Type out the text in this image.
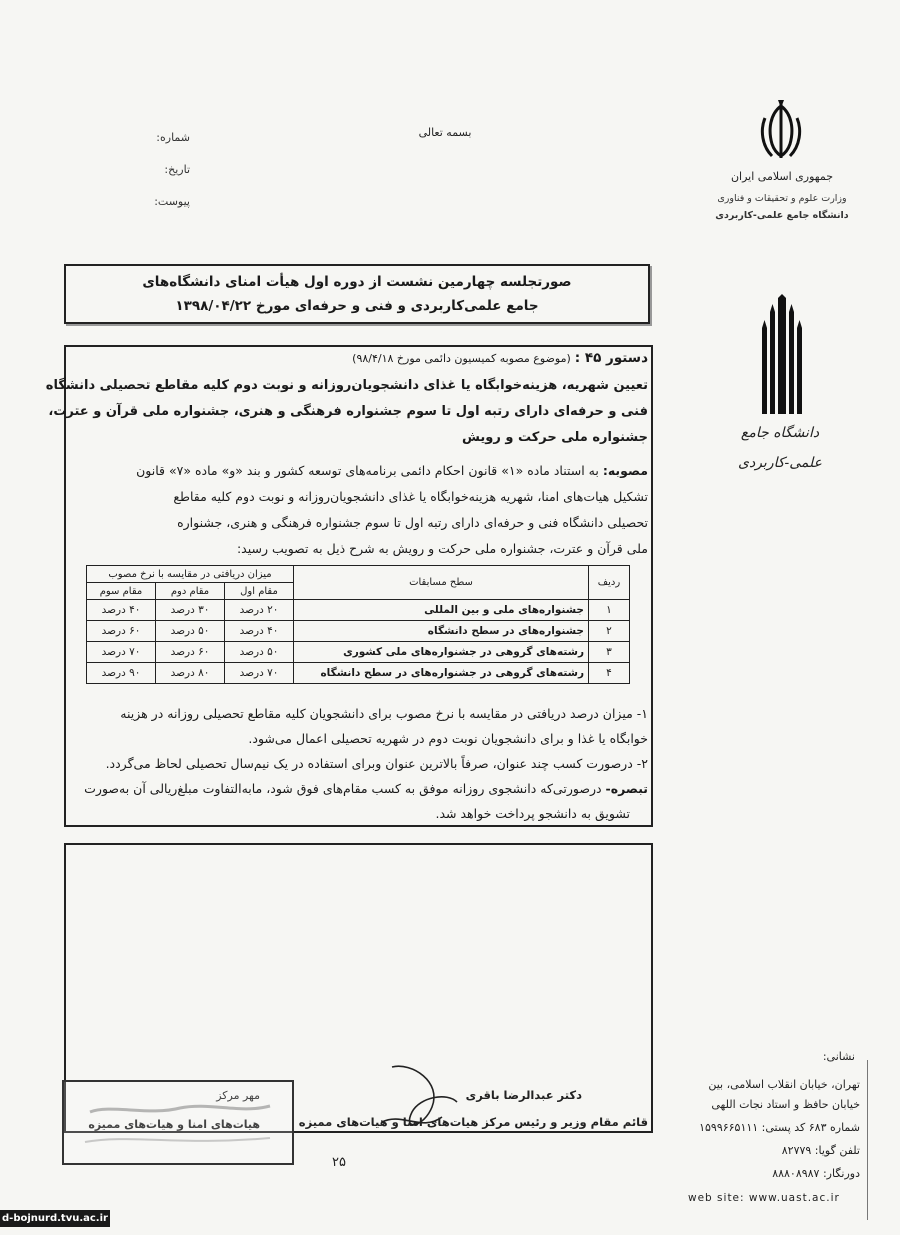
شماره:
تاریخ:
پیوست:
بسمه تعالی
جمهوری اسلامی ایران
وزارت علوم و تحقیقات و فناوری
دانشگاه جامع علمی-کاربردی
صورتجلسه چهارمین نشست از دوره اول هیأت امنای دانشگاه‌های
جامع علمی‌کاربردی و فنی و حرفه‌ای مورخ ۱۳۹۸/۰۴/۲۲
دستور ۴۵ : (موضوع مصوبه کمیسیون دائمی مورخ ۹۸/۴/۱۸)
تعیین شهریه، هزینه‌خوابگاه یا غذای دانشجویان‌روزانه و نوبت دوم کلیه مقاطع تحصیلی دانشگاه
فنی و حرفه‌ای دارای رتبه اول تا سوم جشنواره فرهنگی و هنری، جشنواره ملی قرآن و عترت،
جشنواره ملی حرکت و رویش
مصوبه: به استناد ماده «۱» قانون احکام دائمی برنامه‌های توسعه کشور و بند «و» ماده «۷» قانون
تشکیل هیات‌های امنا، شهریه هزینه‌خوابگاه یا غذای دانشجویان‌روزانه و نوبت دوم کلیه مقاطع
تحصیلی دانشگاه فنی و حرفه‌ای دارای رتبه اول تا سوم جشنواره فرهنگی و هنری، جشنواره
ملی قرآن و عترت، جشنواره ملی حرکت و رویش به شرح ذیل به تصویب رسید:
ردیف	سطح مسابقات	میزان دریافتی در مقایسه با نرخ مصوب		
		مقام اول	مقام دوم	مقام سوم
۱	جشنواره‌های ملی و بین المللی	۲۰ درصد	۳۰ درصد	۴۰ درصد
۲	جشنواره‌های در سطح دانشگاه	۴۰ درصد	۵۰ درصد	۶۰ درصد
۳	رشته‌های گروهی در جشنواره‌های ملی کشوری	۵۰ درصد	۶۰ درصد	۷۰ درصد
۴	رشته‌های گروهی در جشنواره‌های در سطح دانشگاه	۷۰ درصد	۸۰ درصد	۹۰ درصد
۱- میزان درصد دریافتی در مقایسه با نرخ مصوب برای دانشجویان کلیه مقاطع تحصیلی روزانه در هزینه
خوابگاه یا غذا و برای دانشجویان نوبت دوم در شهریه تحصیلی اعمال می‌شود.
۲- درصورت کسب چند عنوان، صرفاً بالاترین عنوان وبرای استفاده در یک نیم‌سال تحصیلی لحاظ می‌گردد.
تبصره- درصورتی‌که دانشجوی روزانه موفق به کسب مقام‌های فوق شود، مابه‌التفاوت مبلغ‌ریالی آن به‌صورت
تشویق به دانشجو پرداخت خواهد شد.
دانشگاه جامع
علمی-کاربردی
نشانی:
تهران، خیابان انقلاب اسلامی، بین
خیابان حافظ و استاد نجات اللهی
شماره ۶۸۳ کد پستی: ۱۵۹۹۶۶۵۱۱۱
تلفن گویا: ۸۲۷۷۹
دورنگار: ۸۸۸۰۸۹۸۷
web site: www.uast.ac.ir
دکتر عبدالرضا باقری
قائم مقام وزیر و رئیس مرکز هیات‌های امنا و هیات‌های ممیزه
مهر مرکز
هیات‌های امنا و هیات‌های ممیزه
۲۵
d-bojnurd.tvu.ac.ir
